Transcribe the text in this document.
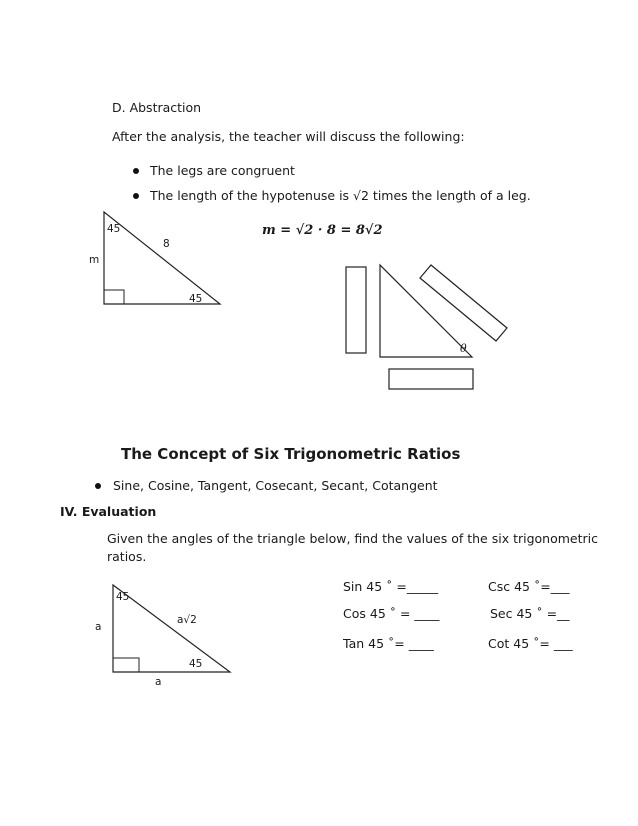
D. Abstraction
After the analysis, the teacher will discuss the following:
The legs are congruent
The length of the hypotenuse is √2 times the length of a leg.
m = √2 · 8 = 8√2
45
8
m
45
θ
The Concept of Six Trigonometric Ratios
Sine, Cosine, Tangent, Cosecant, Secant, Cotangent
IV. Evaluation
Given the angles of the triangle below, find the values of the six trigonometric
ratios.
45
a√2
a
45
a
Sin 45 ˚ =_____	Csc 45 ˚=___
Cos 45 ˚ = ____	Sec 45 ˚ =__
Tan 45 ˚= ____	Cot 45 ˚= ___
